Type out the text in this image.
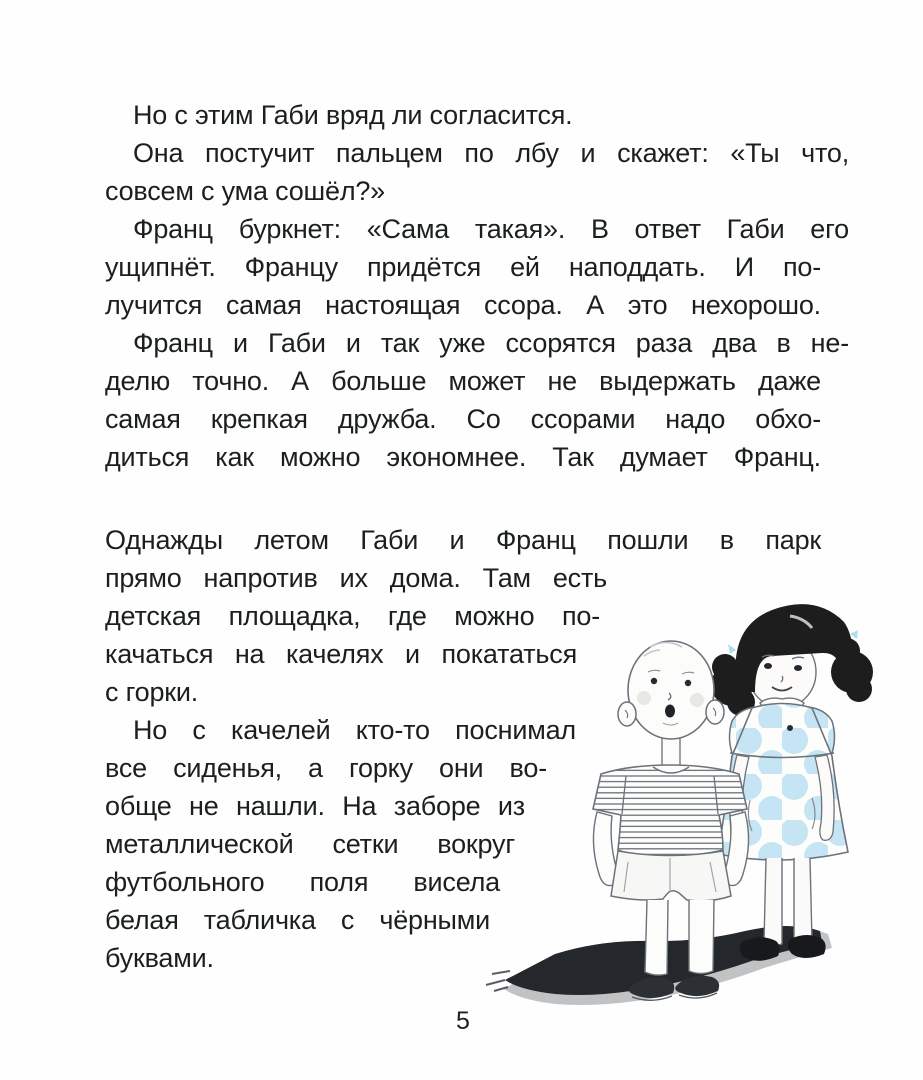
Но с этим Габи вряд ли согласится.
Она постучит пальцем по лбу и скажет: «Ты что,
совсем с ума сошёл?»
Франц буркнет: «Сама такая». В ответ Габи его
ущипнёт. Францу придётся ей наподдать. И по-
лучится самая настоящая ссора. А это нехорошо.
Франц и Габи и так уже ссорятся раза два в не-
делю точно. А больше может не выдержать даже
самая крепкая дружба. Со ссорами надо обхо-
диться как можно экономнее. Так думает Франц.
Однажды летом Габи и Франц пошли в парк
прямо напротив их дома. Там есть
детская площадка, где можно по-
качаться на качелях и покататься
с горки.
Но с качелей кто-то поснимал
все сиденья, а горку они во-
обще не нашли. На заборе из
металлической сетки вокруг
футбольного поля висела
белая табличка с чёрными
буквами.
5
